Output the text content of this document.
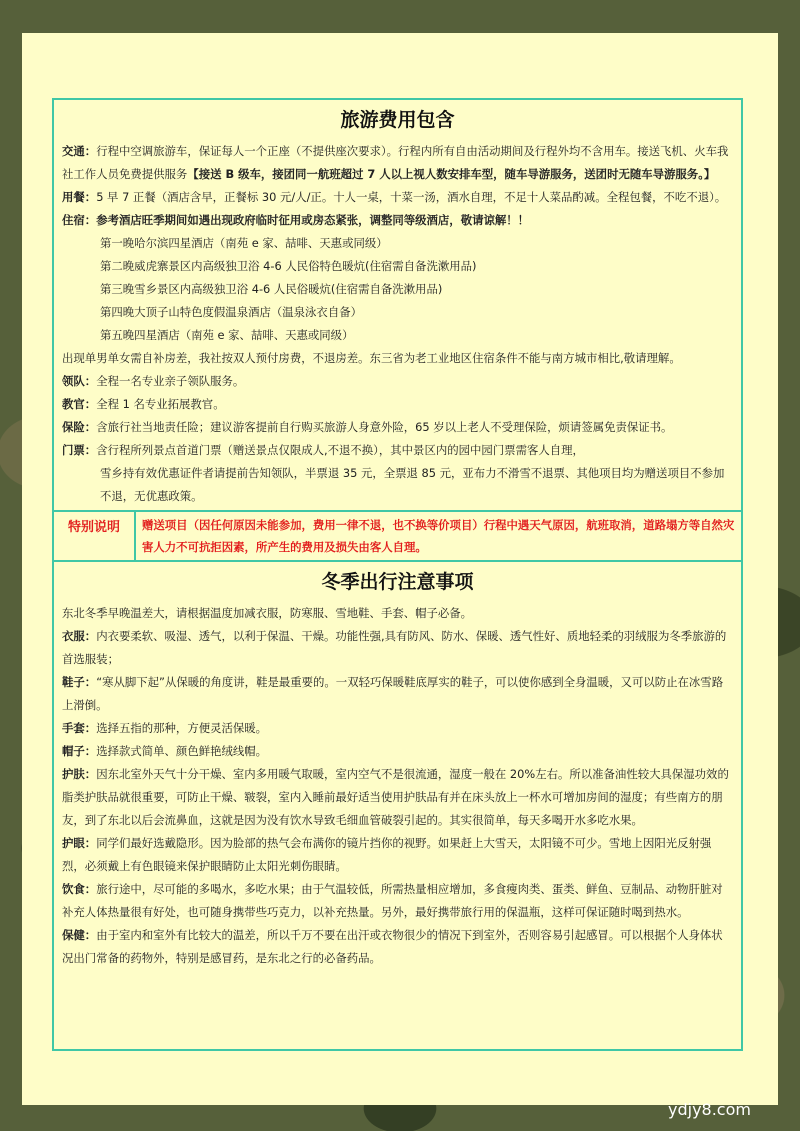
旅游费用包含

交通：行程中空调旅游车，保证每人一个正座（不提供座次要求）。行程内所有自由活动期间及行程外均不含用车。接送飞机、火车我社工作人员免费提供服务【接送 B 级车，接团同一航班超过 7 人以上视人数安排车型，随车导游服务，送团时无随车导游服务。】

用餐：5 早 7 正餐（酒店含早，正餐标 30 元/人/正。十人一桌，十菜一汤，酒水自理，不足十人菜品酌减。全程包餐，不吃不退）。

住宿：参考酒店旺季期间如遇出现政府临时征用或房态紧张，调整同等级酒店，敬请谅解！！

第一晚哈尔滨四星酒店（南苑 e 家、喆啡、天惠或同级）

第二晚威虎寨景区内高级独卫浴 4-6 人民俗特色暖炕(住宿需自备洗漱用品)

第三晚雪乡景区内高级独卫浴 4-6 人民俗暖炕(住宿需自备洗漱用品)

第四晚大顶子山特色度假温泉酒店（温泉泳衣自备）

第五晚四星酒店（南苑 e 家、喆啡、天惠或同级）

出现单男单女需自补房差，我社按双人预付房费，不退房差。东三省为老工业地区住宿条件不能与南方城市相比,敬请理解。

领队：全程一名专业亲子领队服务。

教官：全程 1 名专业拓展教官。

保险：含旅行社当地责任险；建议游客提前自行购买旅游人身意外险，65 岁以上老人不受理保险，烦请签属免责保证书。

门票：含行程所列景点首道门票（赠送景点仅限成人,不退不换），其中景区内的园中园门票需客人自理，

雪乡持有效优惠证件者请提前告知领队，半票退 35 元，全票退 85 元，亚布力不滑雪不退票、其他项目均为赠送项目不参加不退，无优惠政策。

特别说明	赠送项目（因任何原因未能参加，费用一律不退，也不换等价项目）行程中遇天气原因，航班取消，道路塌方等自然灾害人力不可抗拒因素，所产生的费用及损失由客人自理。
冬季出行注意事项

东北冬季早晚温差大，请根据温度加减衣服，防寒服、雪地鞋、手套、帽子必备。

衣服：内衣要柔软、吸湿、透气，以利于保温、干燥。功能性强,具有防风、防水、保暖、透气性好、质地轻柔的羽绒服为冬季旅游的首选服装；

鞋子：“寒从脚下起”从保暖的角度讲，鞋是最重要的。一双轻巧保暖鞋底厚实的鞋子，可以使你感到全身温暖，又可以防止在冰雪路上滑倒。

手套：选择五指的那种，方便灵活保暖。

帽子：选择款式简单、颜色鲜艳绒线帽。

护肤：因东北室外天气十分干燥、室内多用暖气取暖，室内空气不是很流通，湿度一般在 20%左右。所以准备油性较大具保湿功效的脂类护肤品就很重要，可防止干燥、皲裂，室内入睡前最好适当使用护肤品有并在床头放上一杯水可增加房间的湿度；有些南方的朋友，到了东北以后会流鼻血，这就是因为没有饮水导致毛细血管破裂引起的。其实很简单，每天多喝开水多吃水果。

护眼：同学们最好选戴隐形。因为脸部的热气会布满你的镜片挡你的视野。如果赶上大雪天，太阳镜不可少。雪地上因阳光反射强烈，必须戴上有色眼镜来保护眼睛防止太阳光刺伤眼睛。

饮食：旅行途中，尽可能的多喝水，多吃水果；由于气温较低，所需热量相应增加，多食瘦肉类、蛋类、鲜鱼、豆制品、动物肝脏对补充人体热量很有好处，也可随身携带些巧克力，以补充热量。另外，最好携带旅行用的保温瓶，这样可保证随时喝到热水。

保健：由于室内和室外有比较大的温差，所以千万不要在出汗或衣物很少的情况下到室外，否则容易引起感冒。可以根据个人身体状况出门常备的药物外，特别是感冒药，是东北之行的必备药品。

ydjy8.com
